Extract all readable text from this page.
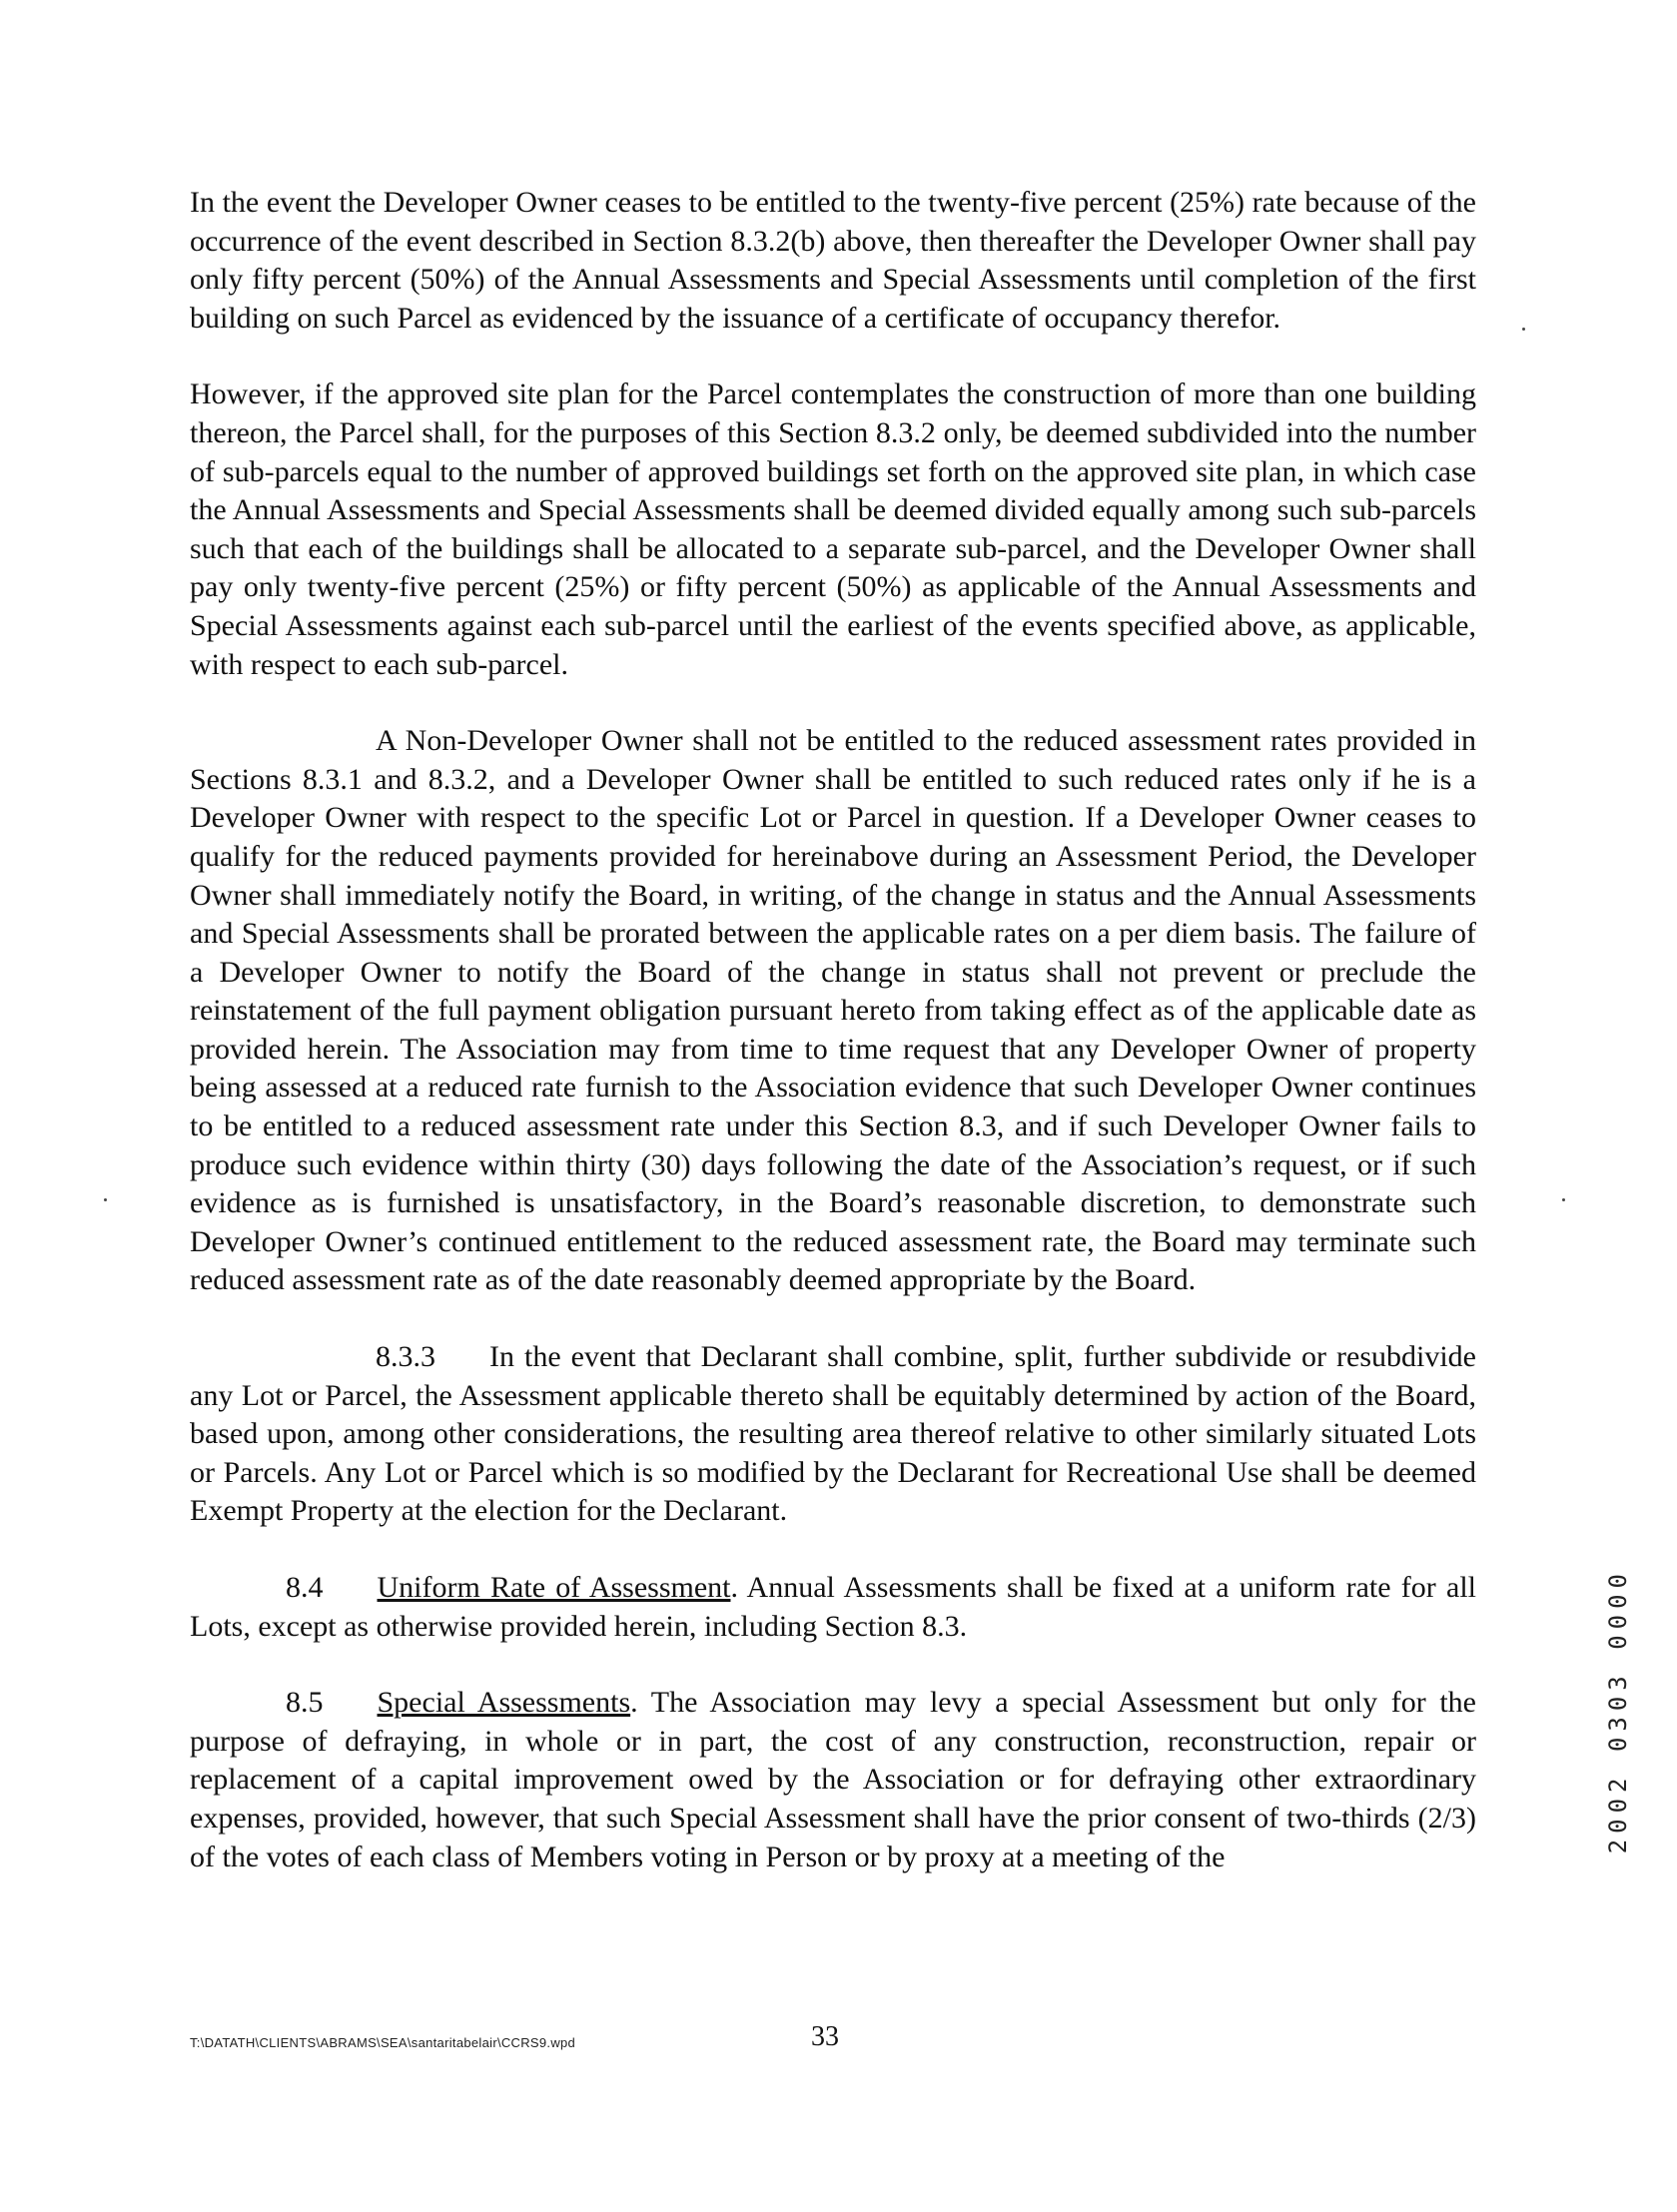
In the event the Developer Owner ceases to be entitled to the twenty-five percent (25%) rate because of the occurrence of the event described in Section 8.3.2(b) above, then thereafter the Developer Owner shall pay only fifty percent (50%) of the Annual Assessments and Special Assessments until completion of the first building on such Parcel as evidenced by the issuance of a certificate of occupancy therefor.

However, if the approved site plan for the Parcel contemplates the construction of more than one building thereon, the Parcel shall, for the purposes of this Section 8.3.2 only, be deemed subdivided into the number of sub-parcels equal to the number of approved buildings set forth on the approved site plan, in which case the Annual Assessments and Special Assessments shall be deemed divided equally among such sub-parcels such that each of the buildings shall be allocated to a separate sub-parcel, and the Developer Owner shall pay only twenty-five percent (25%) or fifty percent (50%) as applicable of the Annual Assessments and Special Assessments against each sub-parcel until the earliest of the events specified above, as applicable, with respect to each sub-parcel.

A Non-Developer Owner shall not be entitled to the reduced assessment rates provided in Sections 8.3.1 and 8.3.2, and a Developer Owner shall be entitled to such reduced rates only if he is a Developer Owner with respect to the specific Lot or Parcel in question. If a Developer Owner ceases to qualify for the reduced payments provided for hereinabove during an Assessment Period, the Developer Owner shall immediately notify the Board, in writing, of the change in status and the Annual Assessments and Special Assessments shall be prorated between the applicable rates on a per diem basis. The failure of a Developer Owner to notify the Board of the change in status shall not prevent or preclude the reinstatement of the full payment obligation pursuant hereto from taking effect as of the applicable date as provided herein. The Association may from time to time request that any Developer Owner of property being assessed at a reduced rate furnish to the Association evidence that such Developer Owner continues to be entitled to a reduced assessment rate under this Section 8.3, and if such Developer Owner fails to produce such evidence within thirty (30) days following the date of the Association’s request, or if such evidence as is furnished is unsatisfactory, in the Board’s reasonable discretion, to demonstrate such Developer Owner’s continued entitlement to the reduced assessment rate, the Board may terminate such reduced assessment rate as of the date reasonably deemed appropriate by the Board.

8.3.3 In the event that Declarant shall combine, split, further subdivide or resubdivide any Lot or Parcel, the Assessment applicable thereto shall be equitably determined by action of the Board, based upon, among other considerations, the resulting area thereof relative to other similarly situated Lots or Parcels. Any Lot or Parcel which is so modified by the Declarant for Recreational Use shall be deemed Exempt Property at the election for the Declarant.

8.4 Uniform Rate of Assessment. Annual Assessments shall be fixed at a uniform rate for all Lots, except as otherwise provided herein, including Section 8.3.

8.5 Special Assessments. The Association may levy a special Assessment but only for the purpose of defraying, in whole or in part, the cost of any construction, reconstruction, repair or replacement of a capital improvement owed by the Association or for defraying other extraordinary expenses, provided, however, that such Special Assessment shall have the prior consent of two-thirds (2/3) of the votes of each class of Members voting in Person or by proxy at a meeting of the

T:\DATATH\CLIENTS\ABRAMS\SEA\santaritabelair\CCRS9.wpd	33
2002 0303 0000
